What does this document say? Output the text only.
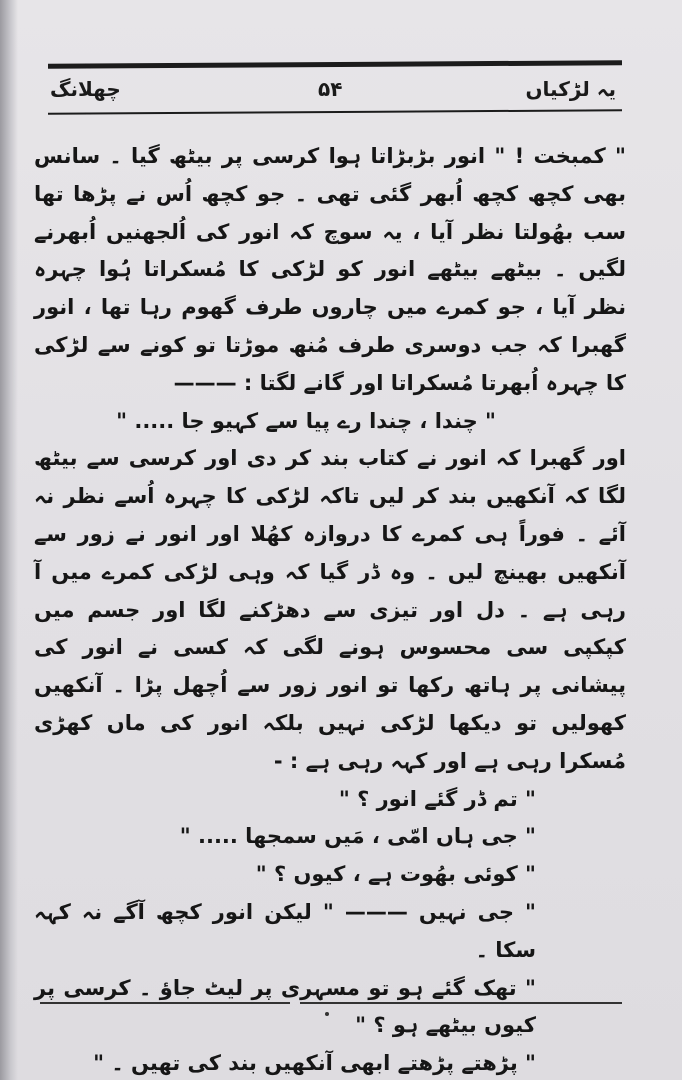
یہ لڑکیاں
۵۴
چھلانگ

" کمبخت ! " انور بڑبڑاتا ہوا کرسی پر بیٹھ گیا ۔ سانس بھی کچھ کچھ اُبھر گئی تھی ۔ جو کچھ اُس نے پڑھا تھا سب بھُولتا نظر آیا ، یہ سوچ کہ انور کی اُلجھنیں اُبھرنے لگیں ۔ بیٹھے بیٹھے انور کو لڑکی کا مُسکراتا ہُوا چہرہ نظر آیا ، جو کمرے میں چاروں طرف گھوم رہا تھا ، انور گھبرا کہ جب دوسری طرف مُنھ موڑتا تو کونے سے لڑکی کا چہرہ اُبھرتا مُسکراتا اور گانے لگتا : ———

" چندا ، چندا رے پیا سے کہیو جا ..... "

اور گھبرا کہ انور نے کتاب بند کر دی اور کرسی سے بیٹھ لگا کہ آنکھیں بند کر لیں تاکہ لڑکی کا چہرہ اُسے نظر نہ آئے ۔ فوراً ہی کمرے کا دروازہ کھُلا اور انور نے زور سے آنکھیں بھینچ لیں ۔ وہ ڈر گیا کہ وہی لڑکی کمرے میں آ رہی ہے ۔ دل اور تیزی سے دھڑکنے لگا اور جسم میں کپکپی سی محسوس ہونے لگی کہ کسی نے انور کی پیشانی پر ہاتھ رکھا تو انور زور سے اُچھل پڑا ۔ آنکھیں کھولیں تو دیکھا لڑکی نہیں بلکہ انور کی ماں کھڑی مُسکرا رہی ہے اور کہہ رہی ہے : -

" تم ڈر گئے انور ؟ "

" جی ہاں امّی ، مَیں سمجھا ..... "

" کوئی بھُوت ہے ، کیوں ؟ "

" جی نہیں ——— " لیکن انور کچھ آگے نہ کہہ سکا ۔

" تھک گئے ہو تو مسہری پر لیٹ جاؤ ۔ کرسی پر کیوں بیٹھے ہو ؟ "

" پڑھتے پڑھتے ابھی آنکھیں بند کی تھیں ۔ "
